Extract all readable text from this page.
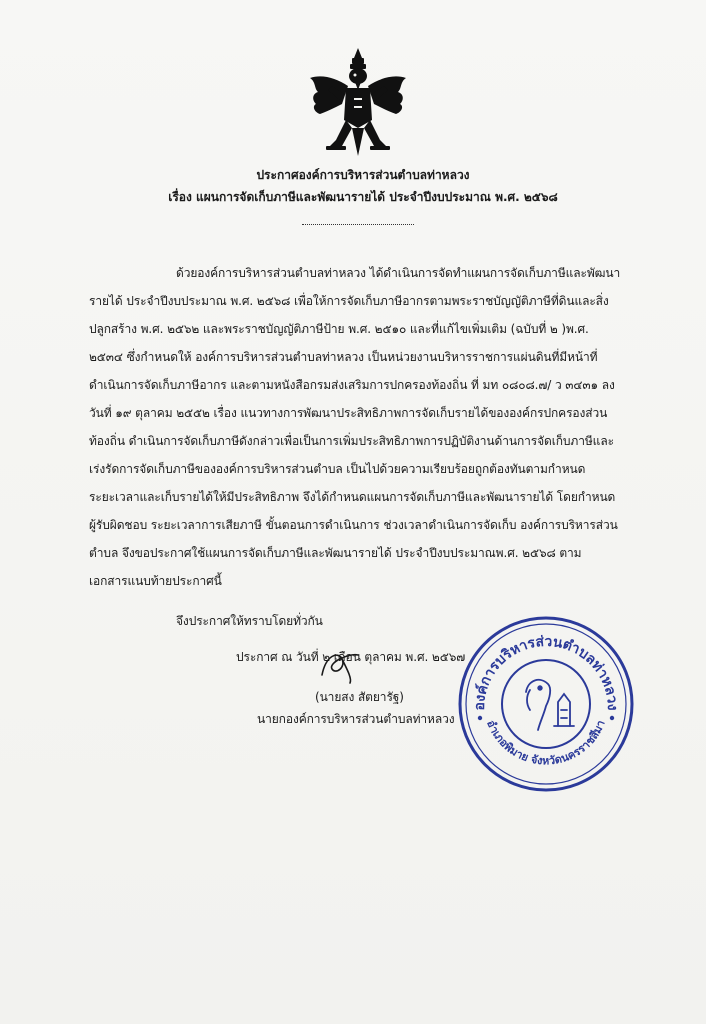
ประกาศองค์การบริหารส่วนตำบลท่าหลวง
เรื่อง แผนการจัดเก็บภาษีและพัฒนารายได้ ประจำปีงบประมาณ พ.ศ. ๒๕๖๘
ด้วยองค์การบริหารส่วนตำบลท่าหลวง ได้ดำเนินการจัดทำแผนการจัดเก็บภาษีและพัฒนา
รายได้ ประจำปีงบประมาณ พ.ศ. ๒๕๖๘ เพื่อให้การจัดเก็บภาษีอากรตามพระราชบัญญัติภาษีที่ดินและสิ่ง
ปลูกสร้าง พ.ศ. ๒๕๖๒ และพระราชบัญญัติภาษีป้าย พ.ศ. ๒๕๑๐ และที่แก้ไขเพิ่มเติม (ฉบับที่ ๒ )พ.ศ.
๒๕๓๔ ซึ่งกำหนดให้ องค์การบริหารส่วนตำบลท่าหลวง เป็นหน่วยงานบริหารราชการแผ่นดินที่มีหน้าที่
ดำเนินการจัดเก็บภาษีอากร และตามหนังสือกรมส่งเสริมการปกครองท้องถิ่น ที่ มท ๐๘๐๘.๗/ ว ๓๔๓๑ ลง
วันที่ ๑๙ ตุลาคม ๒๕๕๒ เรื่อง แนวทางการพัฒนาประสิทธิภาพการจัดเก็บรายได้ขององค์กรปกครองส่วน
ท้องถิ่น ดำเนินการจัดเก็บภาษีดังกล่าวเพื่อเป็นการเพิ่มประสิทธิภาพการปฏิบัติงานด้านการจัดเก็บภาษีและ
เร่งรัดการจัดเก็บภาษีขององค์การบริหารส่วนตำบล เป็นไปด้วยความเรียบร้อยถูกต้องทันตามกำหนด
ระยะเวลาและเก็บรายได้ให้มีประสิทธิภาพ จึงได้กำหนดแผนการจัดเก็บภาษีและพัฒนารายได้ โดยกำหนด
ผู้รับผิดชอบ ระยะเวลาการเสียภาษี ขั้นตอนการดำเนินการ ช่วงเวลาดำเนินการจัดเก็บ องค์การบริหารส่วน
ตำบล จึงขอประกาศใช้แผนการจัดเก็บภาษีและพัฒนารายได้ ประจำปีงบประมาณพ.ศ. ๒๕๖๘ ตาม
เอกสารแนบท้ายประกาศนี้
จึงประกาศให้ทราบโดยทั่วกัน
ประกาศ ณ วันที่ ๒ เดือน ตุลาคม พ.ศ. ๒๕๖๗
(นายสง สัตยารัฐ)
นายกองค์การบริหารส่วนตำบลท่าหลวง
องค์การบริหารส่วนตำบลท่าหลวง
อำเภอพิมาย จังหวัดนครราชสีมา
